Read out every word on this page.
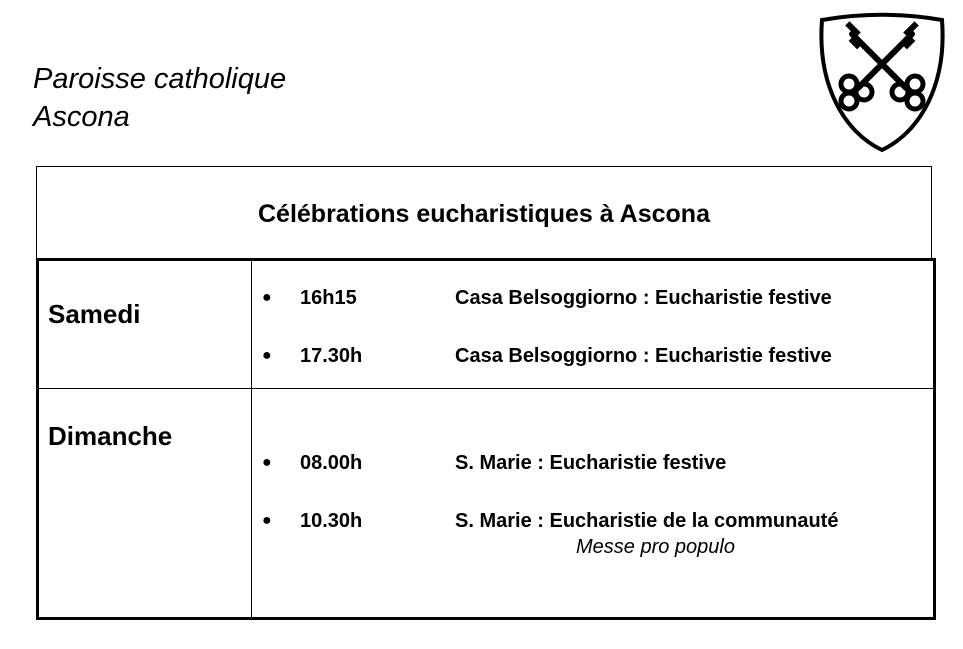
Paroisse catholique
Ascona
Célébrations eucharistiques à Ascona
Samedi
● 16h15	Casa Belsoggiorno : Eucharistie festive
● 17.30h	Casa Belsoggiorno : Eucharistie festive
Dimanche
● 08.00h	S. Marie : Eucharistie festive
● 10.30h	S. Marie : Eucharistie de la communauté
Messe pro populo
